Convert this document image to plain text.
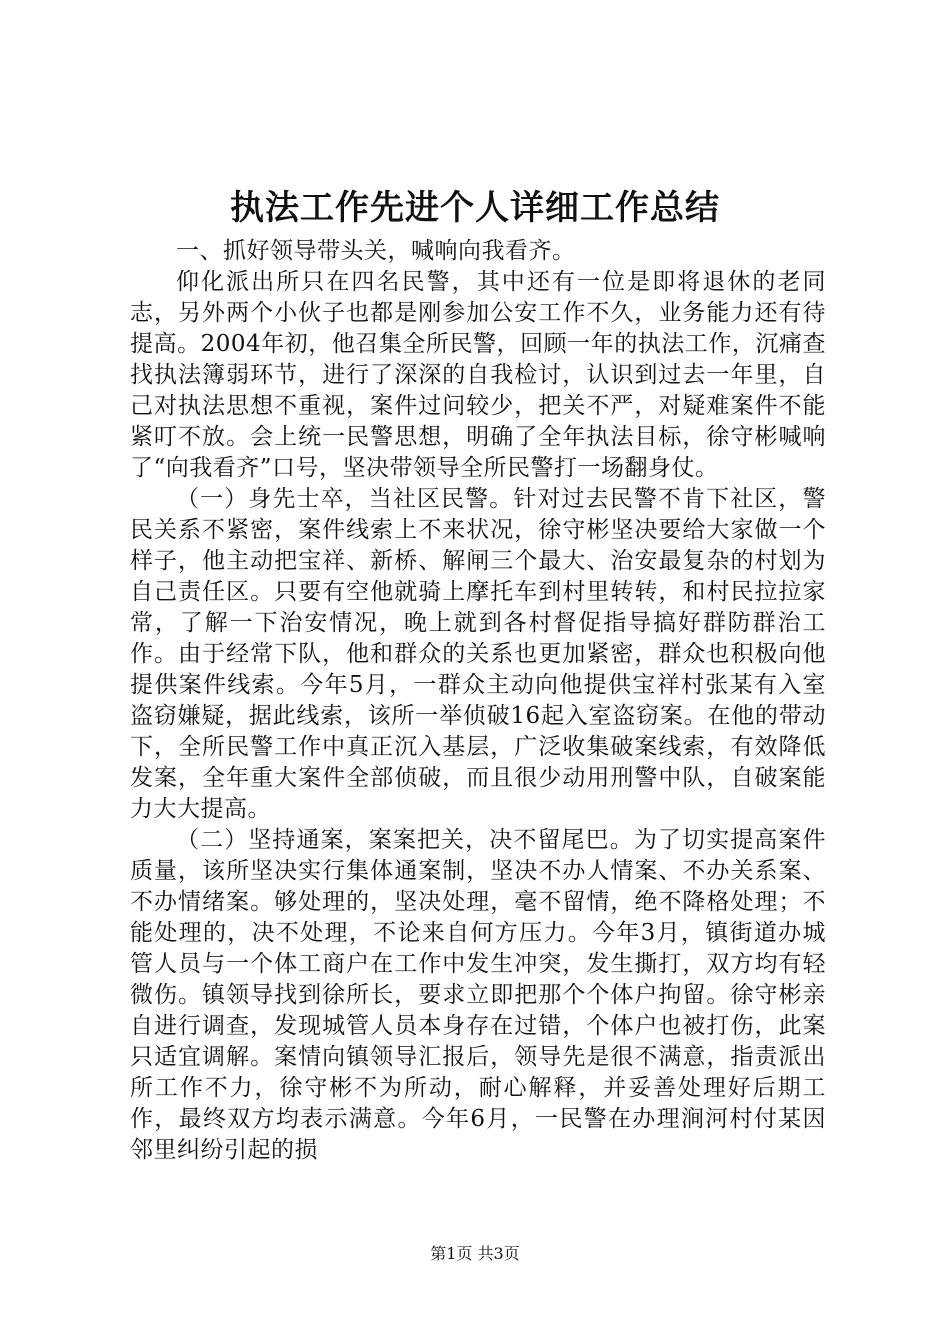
执法工作先进个人详细工作总结

一、抓好领导带头关，喊响向我看齐。

仰化派出所只在四名民警，其中还有一位是即将退休的老同志，另外两个小伙子也都是刚参加公安工作不久，业务能力还有待提高。2004年初，他召集全所民警，回顾一年的执法工作，沉痛查找执法簿弱环节，进行了深深的自我检讨，认识到过去一年里，自己对执法思想不重视，案件过问较少，把关不严，对疑难案件不能紧叮不放。会上统一民警思想，明确了全年执法目标，徐守彬喊响了“向我看齐”口号，坚决带领导全所民警打一场翻身仗。

（一）身先士卒，当社区民警。针对过去民警不肯下社区，警民关系不紧密，案件线索上不来状况，徐守彬坚决要给大家做一个样子，他主动把宝祥、新桥、解闸三个最大、治安最复杂的村划为自己责任区。只要有空他就骑上摩托车到村里转转，和村民拉拉家常，了解一下治安情况，晚上就到各村督促指导搞好群防群治工作。由于经常下队，他和群众的关系也更加紧密，群众也积极向他提供案件线索。今年5月，一群众主动向他提供宝祥村张某有入室盗窃嫌疑，据此线索，该所一举侦破16起入室盗窃案。在他的带动下，全所民警工作中真正沉入基层，广泛收集破案线索，有效降低发案，全年重大案件全部侦破，而且很少动用刑警中队，自破案能力大大提高。

（二）坚持通案，案案把关，决不留尾巴。为了切实提高案件质量，该所坚决实行集体通案制，坚决不办人情案、不办关系案、不办情绪案。够处理的，坚决处理，毫不留情，绝不降格处理；不能处理的，决不处理，不论来自何方压力。今年3月，镇街道办城管人员与一个体工商户在工作中发生冲突，发生撕打，双方均有轻微伤。镇领导找到徐所长，要求立即把那个个体户拘留。徐守彬亲自进行调查，发现城管人员本身存在过错，个体户也被打伤，此案只适宜调解。案情向镇领导汇报后，领导先是很不满意，指责派出所工作不力，徐守彬不为所动，耐心解释，并妥善处理好后期工作，最终双方均表示满意。今年6月，一民警在办理涧河村付某因邻里纠纷引起的损

第1页 共3页
